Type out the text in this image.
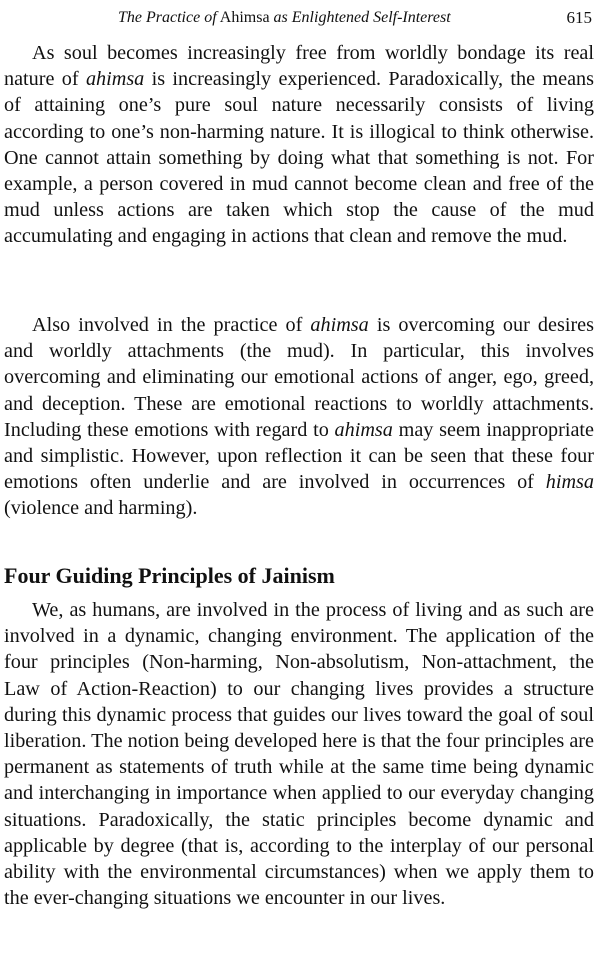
The Practice of Ahimsa as Enlightened Self-Interest	615

As soul becomes increasingly free from worldly bondage its real nature of ahimsa is increasingly experienced. Paradoxically, the means of attaining one’s pure soul nature necessarily consists of living according to one’s non-harming nature. It is illogical to think otherwise. One cannot attain something by doing what that something is not. For example, a person covered in mud cannot become clean and free of the mud unless actions are taken which stop the cause of the mud accumulating and engaging in actions that clean and remove the mud.

Also involved in the practice of ahimsa is overcoming our desires and worldly attachments (the mud). In particular, this involves overcoming and eliminating our emotional actions of anger, ego, greed, and deception. These are emotional reactions to worldly attachments. Including these emotions with regard to ahimsa may seem inappropriate and simplistic. However, upon reflection it can be seen that these four emotions often underlie and are involved in occurrences of himsa (violence and harming).

Four Guiding Principles of Jainism

We, as humans, are involved in the process of living and as such are involved in a dynamic, changing environment. The application of the four principles (Non-harming, Non-absolutism, Non-attachment, the Law of Action-Reaction) to our changing lives provides a structure during this dynamic process that guides our lives toward the goal of soul liberation. The notion being developed here is that the four principles are permanent as statements of truth while at the same time being dynamic and interchanging in importance when applied to our everyday changing situations. Paradoxically, the static principles become dynamic and applicable by degree (that is, according to the interplay of our personal ability with the environmental circumstances) when we apply them to the ever-changing situations we encounter in our lives.
